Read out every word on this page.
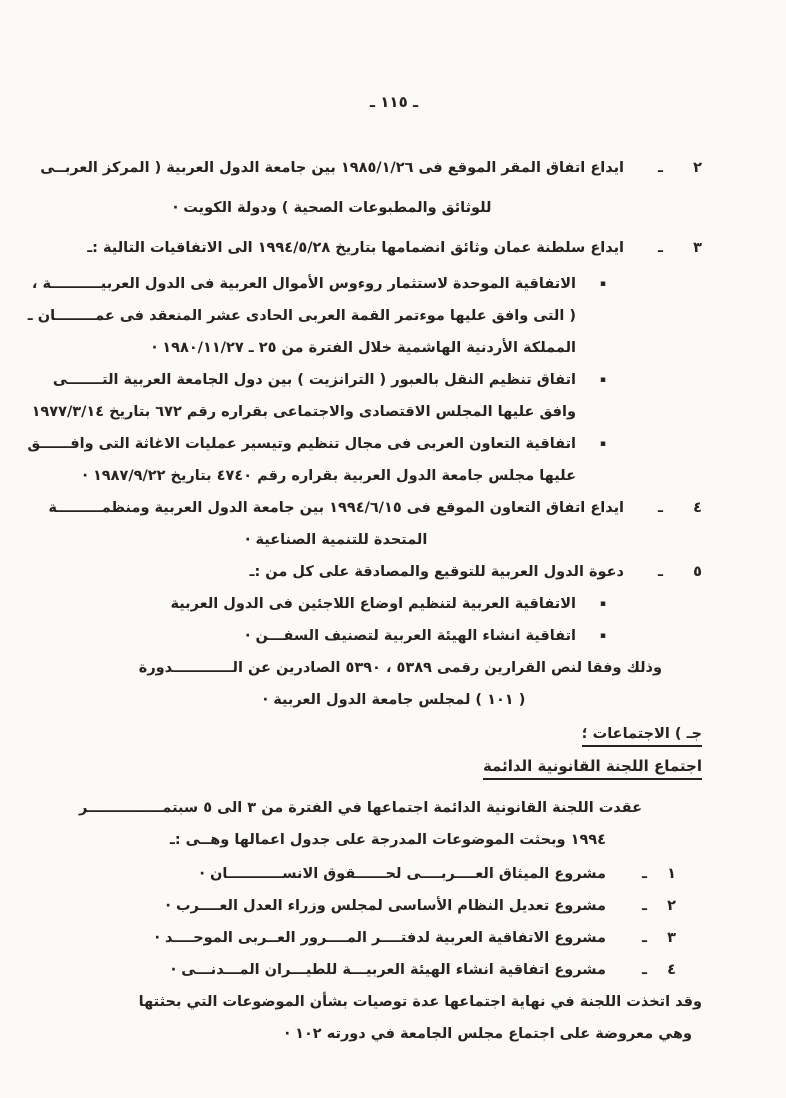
ـ ١١٥ ـ
٢
ـ
ايداع اتفاق المقر الموقع فى ١٩٨٥/١/٢٦ بين جامعة الدول العربية ( المركز العربــى
للوثائق والمطبوعات الصحية ) ودولة الكويت ·
٣
ـ
ايداع سلطنة عمان وثائق انضمامها بتاريخ ١٩٩٤/٥/٢٨ الى الاتفاقيات التالية :ـ
▪
الاتفاقية الموحدة لاستثمار روءوس الأموال العربية فى الدول العربيــــــــــة ،
( التى وافق عليها موءتمر القمة العربى الحادى عشر المنعقد فى عمــــــــان ـ
المملكة الأردنية الهاشمية خلال الفترة من ٢٥ ـ ١٩٨٠/١١/٢٧ ·
▪
اتفاق تنظيم النقل بالعبور ( الترانزيت ) بين دول الجامعة العربية التـــــــى
وافق عليها المجلس الاقتصادى والاجتماعى بقراره رقم ٦٧٢ بتاريخ ١٩٧٧/٣/١٤
▪
اتفاقية التعاون العربى فى مجال تنظيم وتيسير عمليات الاغاثة التى وافــــــق
عليها مجلس جامعة الدول العربية بقراره رقم ٤٧٤٠ بتاريخ ١٩٨٧/٩/٢٢ ·
٤
ـ
ايداع اتفاق التعاون الموقع فى ١٩٩٤/٦/١٥ بين جامعة الدول العربية ومنظمـــــــــة
المتحدة للتنمية الصناعية ·
٥
ـ
دعوة الدول العربية للتوقيع والمصادقة على كل من :ـ
▪
الاتفاقية العربية لتنظيم اوضاع اللاجئين فى الدول العربية
▪
اتفاقية انشاء الهيئة العربية لتصنيف السفـــن ·
وذلك وفقا لنص القرارين رقمى ٥٣٨٩ ، ٥٣٩٠ الصادرين عن الــــــــــــدورة
( ١٠١ ) لمجلس جامعة الدول العربية ·
جـ ) الاجتماعات ؛
اجتماع اللجنة القانونية الدائمة
عقدت اللجنة القانونية الدائمة اجتماعها في الفترة من ٣ الى ٥ سبتمـــــــــــــــر
١٩٩٤ وبحثت الموضوعات المدرجة على جدول اعمالها وهــى :ـ
١
ـ
مشروع الميثاق العــــربــــى لحــــــقوق الانســـــــــــان ·
٢
ـ
مشروع تعديل النظام الأساسى لمجلس وزراء العدل العــــرب ·
٣
ـ
مشروع الاتفاقية العربية لدفتــــر المــــرور العــربى الموحــــد ·
٤
ـ
مشروع اتفاقية انشاء الهيئة العربيـــة للطيـــران المـــدنـــى ·
وقد اتخذت اللجنة في نهاية اجتماعها عدة توصيات بشأن الموضوعات التي بحثتها
وهي معروضة على اجتماع مجلس الجامعة في دورته ١٠٢ ·
